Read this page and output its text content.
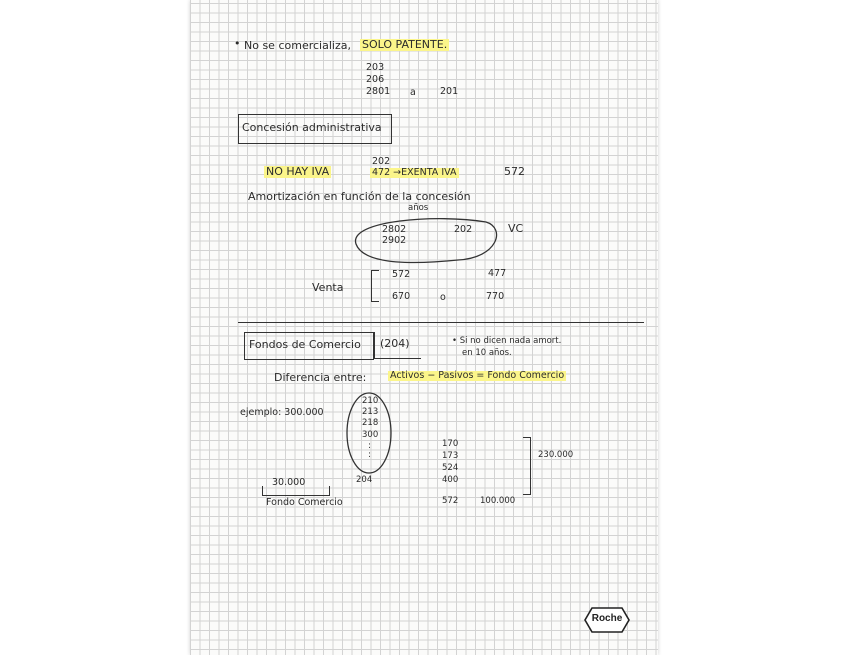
• No se comercializa, SOLO PATENTE.
203
206
2801 a	201
Concesión administrativa
202
NO HAY IVA	472 →EXENTA IVA	572
Amortización en función de la concesión
años
2802
2902
202	VC
Venta
572	477
670	o	770
Fondos de Comercio (204)	• Si no dicen nada amort.
en 10 años.
Diferencia entre: Activos − Pasivos = Fondo Comercio
ejemplo: 300.000
210
213
218
300
:
:
204
170
173
524
400
230.000
30.000
Fondo Comercio	572	100.000
Roche
